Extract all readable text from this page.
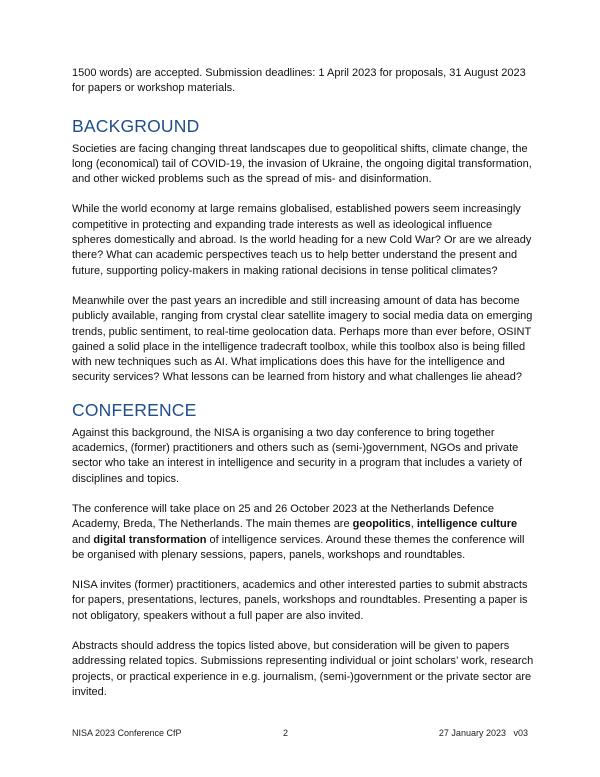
1500 words) are accepted. Submission deadlines: 1 April 2023 for proposals, 31 August 2023 for papers or workshop materials.

BACKGROUND

Societies are facing changing threat landscapes due to geopolitical shifts, climate change, the long (economical) tail of COVID-19, the invasion of Ukraine, the ongoing digital transformation, and other wicked problems such as the spread of mis- and disinformation.

While the world economy at large remains globalised, established powers seem increasingly competitive in protecting and expanding trade interests as well as ideological influence spheres domestically and abroad. Is the world heading for a new Cold War? Or are we already there? What can academic perspectives teach us to help better understand the present and future, supporting policy-makers in making rational decisions in tense political climates?

Meanwhile over the past years an incredible and still increasing amount of data has become publicly available, ranging from crystal clear satellite imagery to social media data on emerging trends, public sentiment, to real-time geolocation data. Perhaps more than ever before, OSINT gained a solid place in the intelligence tradecraft toolbox, while this toolbox also is being filled with new techniques such as AI. What implications does this have for the intelligence and security services? What lessons can be learned from history and what challenges lie ahead?

CONFERENCE

Against this background, the NISA is organising a two day conference to bring together academics, (former) practitioners and others such as (semi-)government, NGOs and private sector who take an interest in intelligence and security in a program that includes a variety of disciplines and topics.

The conference will take place on 25 and 26 October 2023 at the Netherlands Defence Academy, Breda, The Netherlands. The main themes are geopolitics, intelligence culture and digital transformation of intelligence services. Around these themes the conference will be organised with plenary sessions, papers, panels, workshops and roundtables.

NISA invites (former) practitioners, academics and other interested parties to submit abstracts for papers, presentations, lectures, panels, workshops and roundtables. Presenting a paper is not obligatory, speakers without a full paper are also invited.

Abstracts should address the topics listed above, but consideration will be given to papers addressing related topics. Submissions representing individual or joint scholars’ work, research projects, or practical experience in e.g. journalism, (semi-)government or the private sector are invited.

NISA 2023 Conference CfP	2	27 January 2023   v03
